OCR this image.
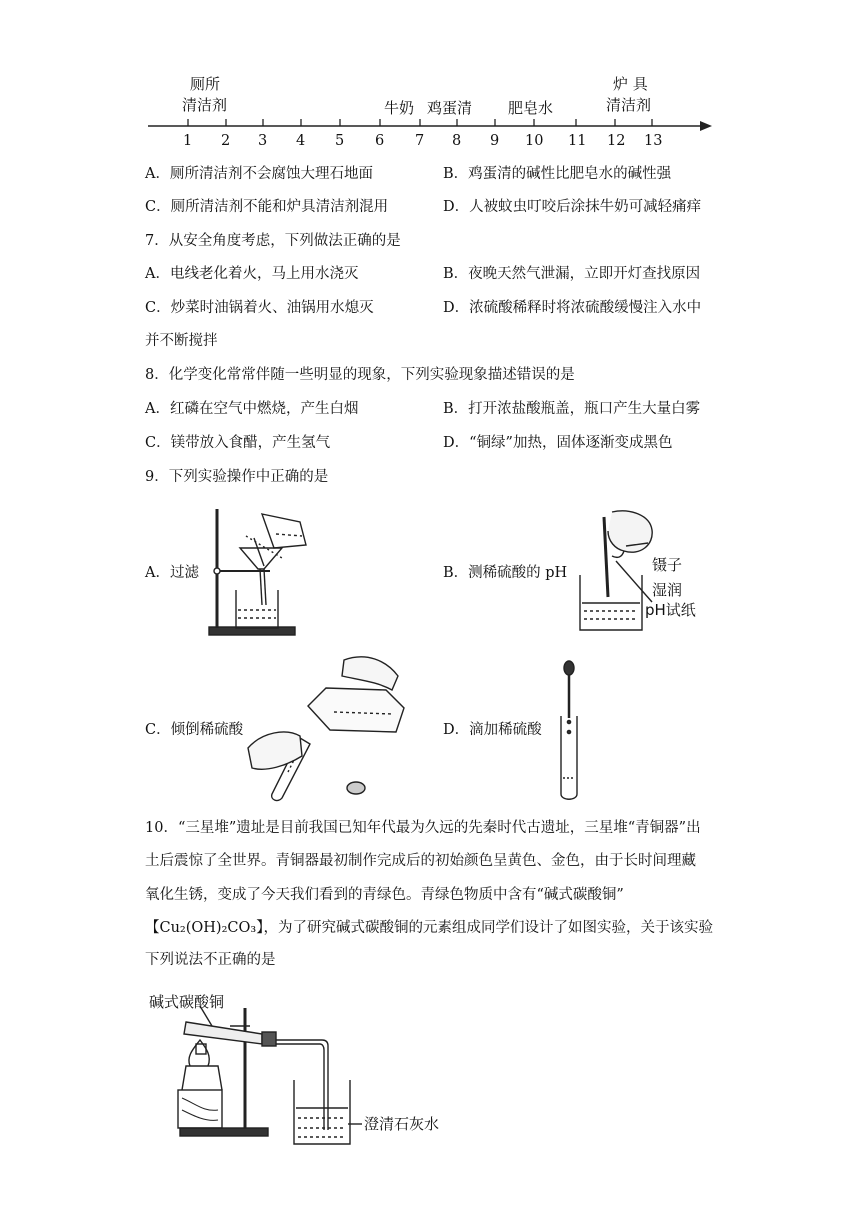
1 2 3 4 5 6 7 8 9 10 11 12 13
厕所
清洁剂	牛奶 鸡蛋清 肥皂水
炉 具
清洁剂
A．厕所清洁剂不会腐蚀大理石地面	B．鸡蛋清的碱性比肥皂水的碱性强
C．厕所清洁剂不能和炉具清洁剂混用	D．人被蚊虫叮咬后涂抹牛奶可减轻痛痒
7．从安全角度考虑，下列做法正确的是
A．电线老化着火，马上用水浇灭	B．夜晚天然气泄漏，立即开灯查找原因
C．炒菜时油锅着火、油锅用水熄灭	D．浓硫酸稀释时将浓硫酸缓慢注入水中
并不断搅拌
8．化学变化常常伴随一些明显的现象，下列实验现象描述错误的是
A．红磷在空气中燃烧，产生白烟	B．打开浓盐酸瓶盖，瓶口产生大量白雾
C．镁带放入食醋，产生氢气	D．“铜绿”加热，固体逐渐变成黑色
9．下列实验操作中正确的是
A．过滤	B．测稀硫酸的 pH
C．倾倒稀硫酸	D．滴加稀硫酸
镊子
湿润
pH试纸
10．“三星堆”遗址是目前我国已知年代最为久远的先秦时代古遗址，三星堆“青铜器”出
土后震惊了全世界。青铜器最初制作完成后的初始颜色呈黄色、金色，由于长时间理藏
氧化生锈，变成了今天我们看到的青绿色。青绿色物质中含有“碱式碳酸铜”
【Cu₂(OH)₂CO₃】，为了研究碱式碳酸铜的元素组成同学们设计了如图实验，关于该实验
下列说法不正确的是
碱式碳酸铜
澄清石灰水
